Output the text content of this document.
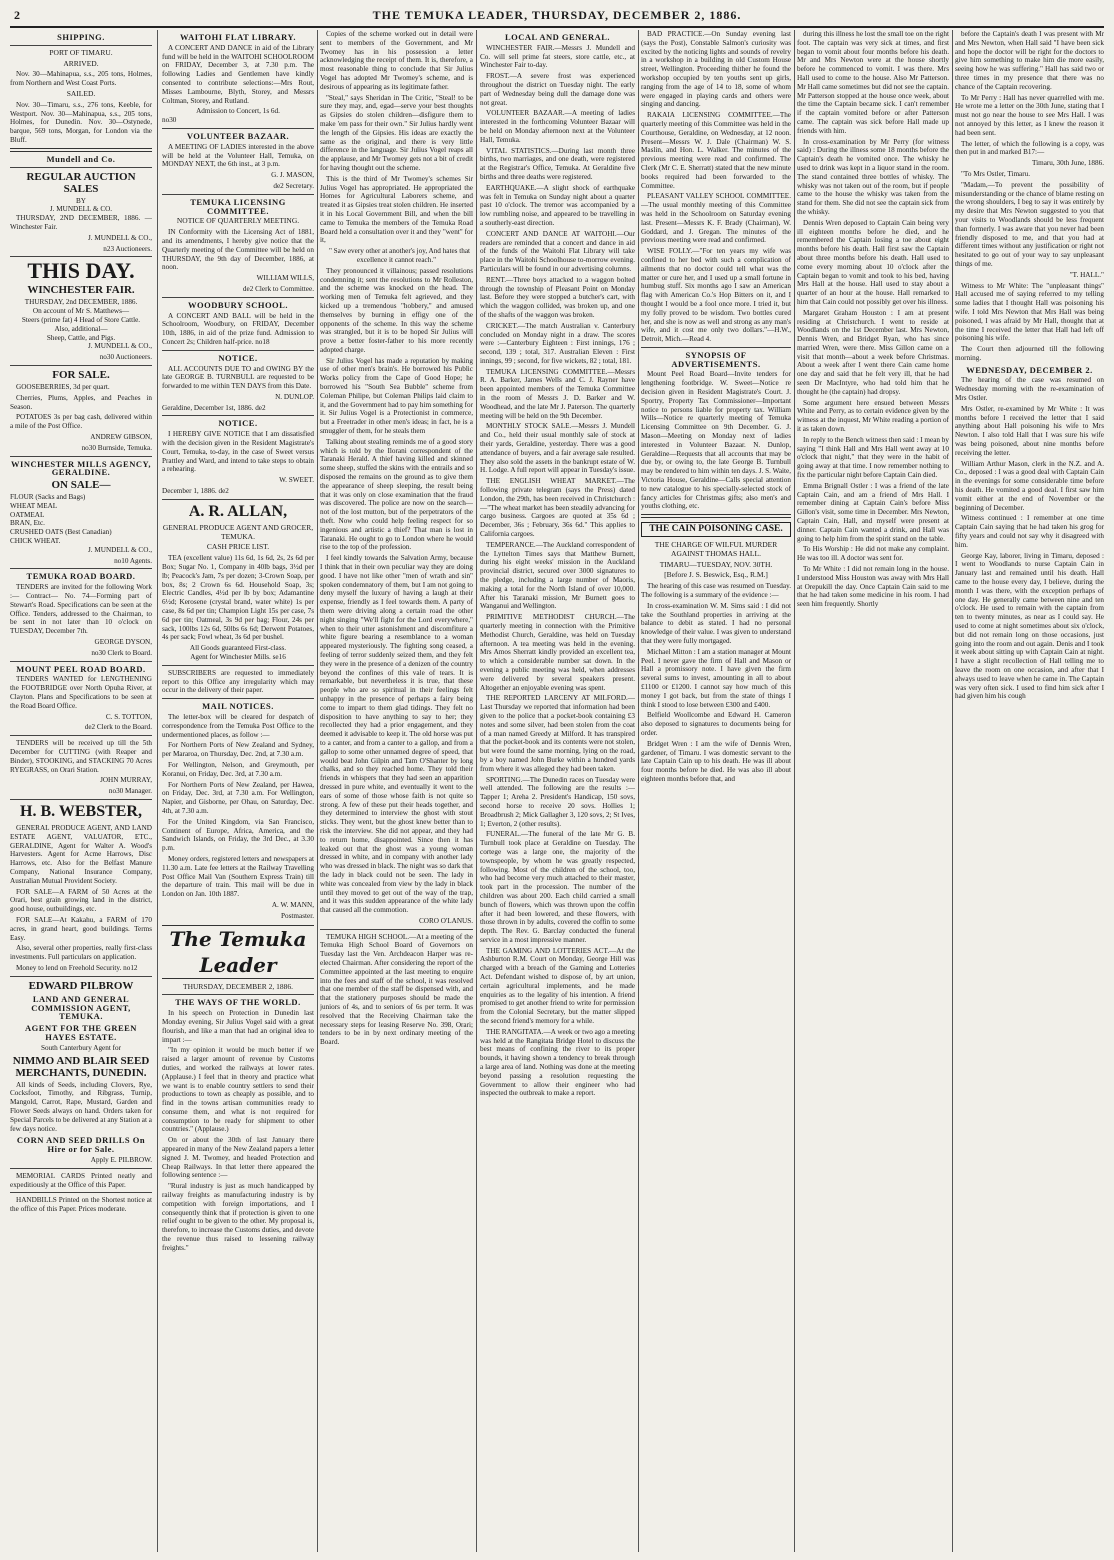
2	THE TEMUKA LEADER, THURSDAY, DECEMBER 2, 1886.
SHIPPING.
PORT OF TIMARU.
ARRIVED.

Nov. 30—Mahinapua, s.s., 205 tons, Holmes, from Northern and West Coast Ports.

SAILED.

Nov. 30—Timaru, s.s., 276 tons, Keeble, for Westport. Nov. 30—Mahinapua, s.s., 205 tons, Holmes, for Dunedin. Nov. 30—Ostynede, barque, 569 tons, Morgan, for London via the Bluff.

Mundell and Co.
REGULAR AUCTION SALES
BY
J. MUNDELL & CO.

THURSDAY, 2ND DECEMBER, 1886. —Winchester Fair.

J. MUNDELL & CO.,
n23 Auctioneers.
THIS DAY.
WINCHESTER FAIR.
THURSDAY, 2nd DECEMBER, 1886.
On account of Mr S. Matthews—
Steers (prime fat) 4 Head of Store Cattle.
Also, additional—
Sheep, Cattle, and Pigs.
J. MUNDELL & CO.,
no30 Auctioneers.
FOR SALE.

GOOSEBERRIES, 3d per quart.

Cherries, Plums, Apples, and Peaches in Season.

POTATOES 3s per bag cash, delivered within a mile of the Post Office.

ANDREW GIBSON,
no30 Burnside, Temuka.
WINCHESTER MILLS AGENCY, GERALDINE.
ON SALE—
FLOUR (Sacks and Bags)
WHEAT MEAL
OATMEAL
BRAN, Etc.
CRUSHED OATS (Best Canadian)
CHICK WHEAT.
J. MUNDELL & CO.,
no10 Agents.
TEMUKA ROAD BOARD.

TENDERS are invited for the following Work :— Contract— No. 74—Forming part of Stewart's Road. Specifications can be seen at the Office. Tenders, addressed to the Chairman, to be sent in not later than 10 o'clock on TUESDAY, December 7th.

GEORGE DYSON,
no30 Clerk to Board.
MOUNT PEEL ROAD BOARD.

TENDERS WANTED for LENGTHENING the FOOTBRIDGE over North Opuha River, at Clayton. Plans and Specifications to be seen at the Road Board Office.

C. S. TOTTON,
de2 Clerk to the Board.

TENDERS will be received up till the 5th December for CUTTING (with Reaper and Binder), STOOKING, and STACKING 70 Acres RYEGRASS, on Orari Station.

JOHN MURRAY,
no30 Manager.
H. B. WEBSTER,

GENERAL PRODUCE AGENT, AND LAND ESTATE AGENT, VALUATOR, ETC., GERALDINE, Agent for Walter A. Wood's Harvesters. Agent for Acme Harrows, Disc Harrows, etc. Also for the Belfast Manure Company, National Insurance Company, Australian Mutual Provident Society.

FOR SALE—A FARM of 50 Acres at the Orari, best grain growing land in the district, good house, outbuildings, etc.

FOR SALE—At Kakahu, a FARM of 170 acres, in grand heart, good buildings. Terms Easy.

Also, several other properties, really first-class investments. Full particulars on application.

Money to lend on Freehold Security. no12

EDWARD PILBROW
LAND AND GENERAL COMMISSION AGENT, TEMUKA.
AGENT FOR THE GREEN HAYES ESTATE.
South Canterbury Agent for
NIMMO AND BLAIR SEED MERCHANTS, DUNEDIN.

All kinds of Seeds, including Clovers, Rye, Cocksfoot, Timothy, and Ribgrass, Turnip, Mangold, Carrot, Rape, Mustard, Garden and Flower Seeds always on hand. Orders taken for Special Parcels to be delivered at any Station at a few days notice.

CORN AND SEED DRILLS On Hire or for Sale.
Apply E. PILBROW.

MEMORIAL CARDS Printed neatly and expeditiously at the Office of this Paper.

HANDBILLS Printed on the Shortest notice at the office of this Paper. Prices moderate.

WAITOHI FLAT LIBRARY.

A CONCERT AND DANCE in aid of the Library fund will be held in the WAITOHI SCHOOLROOM on FRIDAY, December 3, at 7.30 p.m. The following Ladies and Gentlemen have kindly consented to contribute selections:—Mrs Rout, Misses Lambourne, Blyth, Storey, and Messrs Coltman, Storey, and Rutland.

Admission to Concert, 1s 6d.
no30
VOLUNTEER BAZAAR.

A MEETING OF LADIES interested in the above will be held at the Volunteer Hall, Temuka, on MONDAY NEXT, the 6th inst., at 3 p.m.

G. J. MASON,
de2 Secretary.
TEMUKA LICENSING COMMITTEE.
NOTICE OF QUARTERLY MEETING.

IN Conformity with the Licensing Act of 1881, and its amendments, I hereby give notice that the Quarterly meeting of the Committee will be held on THURSDAY, the 9th day of December, 1886, at noon.

WILLIAM WILLS,
de2 Clerk to Committee.
WOODBURY SCHOOL.

A CONCERT AND BALL will be held in the Schoolroom, Woodbury, on FRIDAY, December 10th, 1886, in aid of the prize fund. Admission to Concert 2s; Children half-price. no18

NOTICE.

ALL ACCOUNTS DUE TO and OWING BY the late GEORGE B. TURNBULL are requested to be forwarded to me within TEN DAYS from this Date.

N. DUNLOP.
Geraldine, December 1st, 1886. de2
NOTICE.

I HEREBY GIVE NOTICE that I am dissatisfied with the decision given in the Resident Magistrate's Court, Temuka, to-day, in the case of Sweet versus Prattley and Ward, and intend to take steps to obtain a rehearing.

W. SWEET.
December 1, 1886. de2
A. R. ALLAN,
GENERAL PRODUCE AGENT AND GROCER, TEMUKA.
CASH PRICE LIST.

TEA (excellent value) 11s 6d, 1s 6d, 2s, 2s 6d per Box; Sugar No. 1, Company in 40lb bags, 3½d per lb; Peacock's Jam, 7s per dozen; 3-Crown Soap, per box, 8s; 2 Crown 6s 6d. Household Soap, 3s; Electric Candles, 4½d per lb by box; Adamantine 6½d; Kerosene (crystal brand, water white) 1s per case, 8s 6d per tin; Champion Light 15s per case, 7s 6d per tin; Oatmeal, 3s 9d per bag; Flour, 24s per sack, 100lbs 12s 6d, 50lbs 6s 6d; Derwent Potatoes, 4s per sack; Fowl wheat, 3s 6d per bushel.

All Goods guaranteed First-class.
Agent for Winchester Mills. se16

SUBSCRIBERS are requested to immediately report to this Office any irregularity which may occur in the delivery of their paper.

MAIL NOTICES.

The letter-box will be cleared for despatch of correspondence from the Temuka Post Office to the undermentioned places, as follow :—

For Northern Ports of New Zealand and Sydney, per Mararoa, on Thursday, Dec. 2nd, at 7.30 a.m.

For Wellington, Nelson, and Greymouth, per Koranui, on Friday, Dec. 3rd, at 7.30 a.m.

For Northern Ports of New Zealand, per Hawea, on Friday, Dec. 3rd, at 7.30 a.m. For Wellington, Napier, and Gisborne, per Ohau, on Saturday, Dec. 4th, at 7.30 a.m.

For the United Kingdom, via San Francisco, Continent of Europe, Africa, America, and the Sandwich Islands, on Friday, the 3rd Dec., at 3.30 p.m.

Money orders, registered letters and newspapers at 11.30 a.m. Late fee letters at the Railway Travelling Post Office Mail Van (Southern Express Train) till the departure of train. This mail will be due in London on Jan. 10th 1887.

A. W. MANN,
Postmaster.
The Temuka Leader
THURSDAY, DECEMBER 2, 1886.
THE WAYS OF THE WORLD.

In his speech on Protection in Dunedin last Monday evening, Sir Julius Vogel said with a great flourish, and like a man that had an original idea to impart :—

"In my opinion it would be much better if we raised a larger amount of revenue by Customs duties, and worked the railways at lower rates. (Applause.) I feel that in theory and practice what we want is to enable country settlers to send their productions to town as cheaply as possible, and to find in the towns artisan communities ready to consume them, and what is not required for consumption to be ready for shipment to other countries." (Applause.)

On or about the 30th of last January there appeared in many of the New Zealand papers a letter signed J. M. Twomey, and headed Protection and Cheap Railways. In that letter there appeared the following sentence :—

"Rural industry is just as much handicapped by railway freights as manufacturing industry is by competition with foreign importations, and I consequently think that if protection is given to one relief ought to be given to the other. My proposal is, therefore, to increase the Customs duties, and devote the revenue thus raised to lessening railway freights."

Copies of the scheme worked out in detail were sent to members of the Government, and Mr Twomey has in his possession a letter acknowledging the receipt of them. It is, therefore, a most reasonable thing to conclude that Sir Julius Vogel has adopted Mr Twomey's scheme, and is desirous of appearing as its legitimate father.

"Steal," says Sheridan in The Critic, "Steal! to be sure they may, and, egad—serve your best thoughts as Gipsies do stolen children—disfigure them to make 'em pass for their own." Sir Julius hardly went the length of the Gipsies. His ideas are exactly the same as the original, and there is very little difference in the language. Sir Julius Vogel reaps all the applause, and Mr Twomey gets not a bit of credit for having thought out the scheme.

This is the third of Mr Twomey's schemes Sir Julius Vogel has appropriated. He appropriated the Homes for Agricultural Laborers scheme, and treated it as Gipsies treat stolen children. He inserted it in his Local Government Bill, and when the bill came to Temuka the members of the Temuka Road Board held a consultation over it and they "went" for it,

" Saw every other at another's joy, And hates that excellence it cannot reach."

They pronounced it villainous; passed resolutions condemning it; sent the resolutions to Mr Rolleston, and the scheme was knocked on the head. The working men of Temuka felt agrieved, and they kicked up a tremendous "hobbery," and amused themselves by burning in effigy one of the opponents of the scheme. In this way the scheme was strangled, but it is to be hoped Sir Julius will prove a better foster-father to his more recently adopted charge.

Sir Julius Vogel has made a reputation by making use of other men's brain's. He borrowed his Public Works policy from the Cape of Good Hope; he borrowed his "South Sea Bubble" scheme from Coleman Philipe, but Coleman Philips laid claim to it, and the Government had to pay him something for it. Sir Julius Vogel is a Protectionist in commerce, but a Freetrader in other men's ideas; in fact, he is a smuggler of them, for he steals them

Talking about stealing reminds me of a good story which is told by the Ilorani correspondent of the Taranaki Herald. A thief having killed and skinned some sheep, stuffed the skins with the entrails and so disposed the remains on the ground as to give them the appearance of sheep sleeping, the result being that it was only on close examination that the fraud was discovered. The police are now on the search—not of the lost mutton, but of the perpetrators of the theft. Now who could help feeling respect for so ingenious and artistic a thief? That man is lost in Taranaki. He ought to go to London where he would rise to the top of the profession.

I feel kindly towards the Salvation Army, because I think that in their own peculiar way they are doing good. I have not like other "men of wrath and sin" spoken condemnatory of them, but I am not going to deny myself the luxury of having a laugh at their expense, friendly as I feel towards them. A party of them were driving along a certain road the other night singing "We'll fight for the Lord everywhere," when to their utter astonishment and discomfiture a white figure bearing a resemblance to a woman appeared mysteriously. The fighting song ceased, a feeling of terror suddenly seized them, and they felt they were in the presence of a denizen of the country beyond the confines of this vale of tears. It is remarkable, but nevertheless it is true, that these people who are so spiritual in their feelings felt unhappy in the presence of perhaps a fairy being come to impart to them glad tidings. They felt no disposition to have anything to say to her; they recollected they had a prior engagement, and they deemed it advisable to keep it. The old horse was put to a canter, and from a canter to a gallop, and from a gallop to some other unnamed degree of speed, that would beat John Gilpin and Tam O'Shanter by long chalks, and so they reached home. They told their friends in whispers that they had seen an apparition dressed in pure white, and eventually it went to the ears of some of those whose faith is not quite so strong. A few of these put their heads together, and they determined to interview the ghost with stout sticks. They went, but the ghost knew better than to risk the interview. She did not appear, and they had to return home, disappointed. Since then it has leaked out that the ghost was a young woman dressed in white, and in company with another lady who was dressed in black. The night was so dark that the lady in black could not be seen. The lady in white was concealed from view by the lady in black until they moved to get out of the way of the trap, and it was this sudden appearance of the white lady that caused all the commotion.

CORO O'LANUS.

TEMUKA HIGH SCHOOL.—At a meeting of the Temuka High School Board of Governors on Tuesday last the Ven. Archdeacon Harper was re-elected Chairman. After considering the report of the Committee appointed at the last meeting to enquire into the fees and staff of the school, it was resolved that one member of the staff be dispensed with, and that the stationery purposes should be made the juniors of 4s, and to seniors of 6s per term. It was resolved that the Receiving Chairman take the necessary steps for leasing Reserve No. 398, Orari; tenders to be in by next ordinary meeting of the Board.

LOCAL AND GENERAL.

WINCHESTER FAIR.—Messrs J. Mundell and Co. will sell prime fat steers, store cattle, etc., at Winchester Fair to-day.

FROST.—A severe frost was experienced throughout the district on Tuesday night. The early part of Wednesday being dull the damage done was not great.

VOLUNTEER BAZAAR.—A meeting of ladies interested in the forthcoming Volunteer Bazaar will be held on Monday afternoon next at the Volunteer Hall, Temuka.

VITAL STATISTICS.—During last month three births, two marriages, and one death, were registered at the Registrar's Office, Temuka. At Geraldine five births and three deaths were registered.

EARTHQUAKE.—A slight shock of earthquake was felt in Temuka on Sunday night about a quarter past 10 o'clock. The tremor was accompanied by a low rumbling noise, and appeared to be travelling in a southerly-east direction.

CONCERT AND DANCE AT WAITOHI.—Our readers are reminded that a concert and dance in aid of the funds of the Waitohi Flat Library will take place in the Waitohi Schoolhouse to-morrow evening. Particulars will be found in our advertising columns.

RENT.—Three boys attacked to a waggon bolted through the township of Pleasant Point on Monday last. Before they were stopped a butcher's cart, with which the waggon collided, was broken up, and one of the shafts of the waggon was broken.

CRICKET.—The match Australian v. Canterbury concluded on Monday night in a draw. The scores were :—Canterbury Eighteen : First innings, 176 ; second, 139 ; total, 317. Australian Eleven : First innings, 99 ; second, for five wickets, 82 ; total, 181.

TEMUKA LICENSING COMMITTEE.—Messrs R. A. Barker, James Wells and C. J. Rayner have been appointed members of the Temuka Committee in the room of Messrs J. D. Barker and W. Woodhead, and the late Mr J. Paterson. The quarterly meeting will be held on the 9th December.

MONTHLY STOCK SALE.—Messrs J. Mundell and Co., held their usual monthly sale of stock at their yards, Geraldine, yesterday. There was a good attendance of buyers, and a fair average sale resulted. They also sold the assets in the bankrupt estate of W. H. Lodge. A full report will appear in Tuesday's issue.

THE ENGLISH WHEAT MARKET.—The following private telegram (says the Press) dated London, the 29th, has been received in Christchurch :—"The wheat market has been steadily advancing for cargo business. Cargoes are quoted at 35s 6d ; December, 36s ; February, 36s 6d." This applies to California cargoes.

TEMPERANCE.—The Auckland correspondent of the Lyttelton Times says that Matthew Burnett, during his eight weeks' mission in the Auckland provincial district, secured over 3000 signatures to the pledge, including a large number of Maoris, making a total for the North Island of over 10,000. After his Taranaki mission, Mr Burnett goes to Wanganui and Wellington.

PRIMITIVE METHODIST CHURCH.—The quarterly meeting in connection with the Primitive Methodist Church, Geraldine, was held on Tuesday afternoon. A tea meeting was held in the evening. Mrs Amos Sherratt kindly provided an excellent tea, to which a considerable number sat down. In the evening a public meeting was held, when addresses were delivered by several speakers present. Altogether an enjoyable evening was spent.

THE REPORTED LARCENY AT MILFORD.—Last Thursday we reported that information had been given to the police that a pocket-book containing £3 notes and some silver, had been stolen from the coat of a man named Greedy at Milford. It has transpired that the pocket-book and its contents were not stolen, but were found the same morning, lying on the road, by a boy named John Burke within a hundred yards from where it was alleged they had been taken.

SPORTING.—The Dunedin races on Tuesday were well attended. The following are the results :—Tapper 1; Areha 2. President's Handicap, 150 sovs, second horse to receive 20 sovs. Hollies 1; Broadbrush 2; Mick Gallagher 3, 120 sovs, 2; St Ives, 1; Everton, 2 (other results).

FUNERAL.—The funeral of the late Mr G. B. Turnbull took place at Geraldine on Tuesday. The cortege was a large one, the majority of the townspeople, by whom he was greatly respected, following. Most of the children of the school, too, who had become very much attached to their master, took part in the procession. The number of the children was about 200. Each child carried a small bunch of flowers, which was thrown upon the coffin after it had been lowered, and these flowers, with those thrown in by adults, covered the coffin to some depth. The Rev. G. Barclay conducted the funeral service in a most impressive manner.

THE GAMING AND LOTTERIES ACT.—At the Ashburton R.M. Court on Monday, George Hill was charged with a breach of the Gaming and Lotteries Act. Defendant wished to dispose of, by art union, certain agricultural implements, and he made enquiries as to the legality of his intention. A friend promised to get another friend to write for permission from the Colonial Secretary, but the matter slipped the second friend's memory for a while.

THE RANGITATA.—A week or two ago a meeting was held at the Rangitata Bridge Hotel to discuss the best means of confining the river to its proper bounds, it having shown a tendency to break through a large area of land. Nothing was done at the meeting beyond passing a resolution requesting the Government to allow their engineer who had inspected the outbreak to make a report.

BAD PRACTICE.—On Sunday evening last (says the Post), Constable Salmon's curiosity was excited by the noticing lights and sounds of revelry in a workshop in a building in old Custom House street, Wellington. Proceeding thither he found the workshop occupied by ten youths sent up girls, ranging from the age of 14 to 18, some of whom were engaged in playing cards and others were singing and dancing.

RAKAIA LICENSING COMMITTEE.—The quarterly meeting of this Committee was held in the Courthouse, Geraldine, on Wednesday, at 12 noon. Present—Messrs W. J. Dale (Chairman) W. S. Maslin, and Hon. L. Walker. The minutes of the previous meeting were read and confirmed. The Clerk (Mr C. E. Sherratt) stated that the new minute books required had been forwarded to the Committee.

PLEASANT VALLEY SCHOOL COMMITTEE.—The usual monthly meeting of this Committee was held in the Schoolroom on Saturday evening last. Present—Messrs K. F. Brady (Chairman), W. Goddard, and J. Gregan. The minutes of the previous meeting were read and confirmed.

WISE FOLLY.—"For ten years my wife was confined to her bed with such a complication of ailments that no doctor could tell what was the matter or cure her, and I used up a small fortune in humbug stuff. Six months ago I saw an American flag with American Co.'s Hop Bitters on it, and I thought I would be a fool once more. I tried it, but my folly proved to be wisdom. Two bottles cured her, and she is now as well and strong as any man's wife, and it cost me only two dollars."—H.W., Detroit, Mich.—Read 4.

SYNOPSIS OF ADVERTISEMENTS.

Mount Peel Road Board—Invite tenders for lengthening footbridge. W. Sweet—Notice re decision given in Resident Magistrate's Court. J. Sportry, Property Tax Commissioner—Important notice to persons liable for property tax. William Wills—Notice re quarterly meeting of Temuka Licensing Committee on 9th December. G. J. Mason—Meeting on Monday next of ladies interested in Volunteer Bazaar. N. Dunlop, Geraldine—Requests that all accounts that may be due by, or owing to, the late George B. Turnbull may be rendered to him within ten days. J. S. Waite, Victoria House, Geraldine—Calls special attention to new catalogue to his specially-selected stock of fancy articles for Christmas gifts; also men's and youths clothing, etc.

THE CAIN POISONING CASE.
THE CHARGE OF WILFUL MURDER AGAINST THOMAS HALL.
TIMARU—TUESDAY, NOV. 30TH.
[Before J. S. Beswick, Esq., R.M.]

The hearing of this case was resumed on Tuesday. The following is a summary of the evidence :—

In cross-examination W. M. Sims said : I did not take the Southland properties in arriving at the balance to debit as stated. I had no personal knowledge of their value. I was given to understand that they were fully mortgaged.

Michael Mitton : I am a station manager at Mount Peel. I never gave the firm of Hall and Mason or Hall a promissory note. I have given the firm several sums to invest, amounting in all to about £1100 or £1200. I cannot say how much of this money I got back, but from the state of things I think I stood to lose between £300 and £400.

Belfield Woollcombe and Edward H. Cameron also deposed to signatures to documents being for order.

Bridget Wren : I am the wife of Dennis Wren, gardener, of Timaru. I was domestic servant to the late Captain Cain up to his death. He was ill about four months before he died. He was also ill about eighteen months before that, and

during this illness he lost the small toe on the right foot. The captain was very sick at times, and first began to vomit about four months before his death. Mr and Mrs Newton were at the house shortly before he commenced to vomit. I was there. Mrs Hall used to come to the house. Also Mr Patterson. Mr Hall came sometimes but did not see the captain. Mr Patterson stopped at the house once week, about the time the Captain became sick. I can't remember if the captain vomited before or after Patterson came. The captain was sick before Hall made up friends with him.

In cross-examination by Mr Perry (for witness said) : During the illness some 18 months before the Captain's death he vomited once. The whisky he used to drink was kept in a liquor stand in the room. The stand contained three bottles of whisky. The whisky was not taken out of the room, but if people came to the house the whisky was taken from the stand for them. She did not see the captain sick from the whisky.

Dennis Wren deposed to Captain Cain being very ill eighteen months before he died, and he remembered the Captain losing a toe about eight months before his death. Hall first saw the Captain about three months before his death. Hall used to come every morning about 10 o'clock after the Captain began to vomit and took to his bed, having Mrs Hall at the house. Hall used to stay about a quarter of an hour at the house. Hall remarked to him that Cain could not possibly get over his illness.

Margaret Graham Houston : I am at present residing at Christchurch. I went to reside at Woodlands on the 1st December last. Mrs Newton, Dennis Wren, and Bridget Ryan, who has since married Wren, were there. Miss Gillon came on a visit that month—about a week before Christmas. About a week after I went there Cain came home one day and said that he felt very ill, that he had seen Dr MacIntyre, who had told him that he thought he (the captain) had dropsy.

Some argument here ensued between Messrs White and Perry, as to certain evidence given by the witness at the inquest, Mr White reading a portion of it as taken down.

In reply to the Bench witness then said : I mean by saying "I think Hall and Mrs Hall went away at 10 o'clock that night," that they were in the habit of going away at that time. I now remember nothing to fix the particular night before Captain Cain died.

Emma Brignall Ostler : I was a friend of the late Captain Cain, and am a friend of Mrs Hall. I remember dining at Captain Cain's before Miss Gillon's visit, some time in December. Mrs Newton, Captain Cain, Hall, and myself were present at dinner. Captain Cain wanted a drink, and Hall was going to help him from the spirit stand on the table.

To His Worship : He did not make any complaint. He was too ill. A doctor was sent for.

To Mr White : I did not remain long in the house. I understood Miss Houston was away with Mrs Hall at Orepukill the day. Once Captain Cain said to me that he had taken some medicine in his room. I had seen him frequently. Shortly

before the Captain's death I was present with Mr and Mrs Newton, when Hall said "I have been sick and hope the doctor will be right for the doctors to give him something to make him die more easily, seeing how he was suffering." Hall has said two or three times in my presence that there was no chance of the Captain recovering.

To Mr Perry : Hall has never quarrelled with me. He wrote me a letter on the 30th June, stating that I must not go near the house to see Mrs Hall. I was not annoyed by this letter, as I knew the reason it had been sent.

The letter, of which the following is a copy, was then put in and marked B17:—

Timaru, 30th June, 1886.

"To Mrs Ostler, Timaru.

"Madam,—To prevent the possibility of misunderstanding or the chance of blame resting on the wrong shoulders, I beg to say it was entirely by my desire that Mrs Newton suggested to you that your visits to Woodlands should be less frequent than formerly. I was aware that you never had been friendly disposed to me, and that you had at different times without any justification or right not hesitated to go out of your way to say unpleasant things of me.

"T. HALL."

Witness to Mr White: The "unpleasant things" Hall accused me of saying referred to my telling some ladies that I thought Hall was poisoning his wife. I told Mrs Newton that Mrs Hall was being poisoned, I was afraid by Mr Hall, thought that at the time I received the letter that Hall had left off poisoning his wife.

The Court then adjourned till the following morning.

WEDNESDAY, DECEMBER 2.

The hearing of the case was resumed on Wednesday morning with the re-examination of Mrs Ostler.

Mrs Ostler, re-examined by Mr White : It was months before I received the letter that I said anything about Hall poisoning his wife to Mrs Newton. I also told Hall that I was sure his wife was being poisoned, about nine months before receiving the letter.

William Arthur Mason, clerk in the N.Z. and A. Co., deposed : I was a good deal with Captain Cain in the evenings for some considerable time before his death. He vomited a good deal. I first saw him vomit either at the end of November or the beginning of December.

Witness continued : I remember at one time Captain Cain saying that he had taken his grog for fifty years and could not say why it disagreed with him.

George Kay, laborer, living in Timaru, deposed : I went to Woodlands to nurse Captain Cain in January last and remained until his death. Hall came to the house every day, I believe, during the month I was there, with the exception perhaps of one day. He generally came between nine and ten o'clock. He used to remain with the captain from ten to twenty minutes, as near as I could say. He used to come at night sometimes about six o'clock, but did not remain long on those occasions, just going into the room and out again. Denis and I took it week about sitting up with Captain Cain at night. I have a slight recollection of Hall telling me to leave the room on one occasion, and after that I always used to leave when he came in. The Captain was very often sick. I used to find him sick after I had given him his cough
